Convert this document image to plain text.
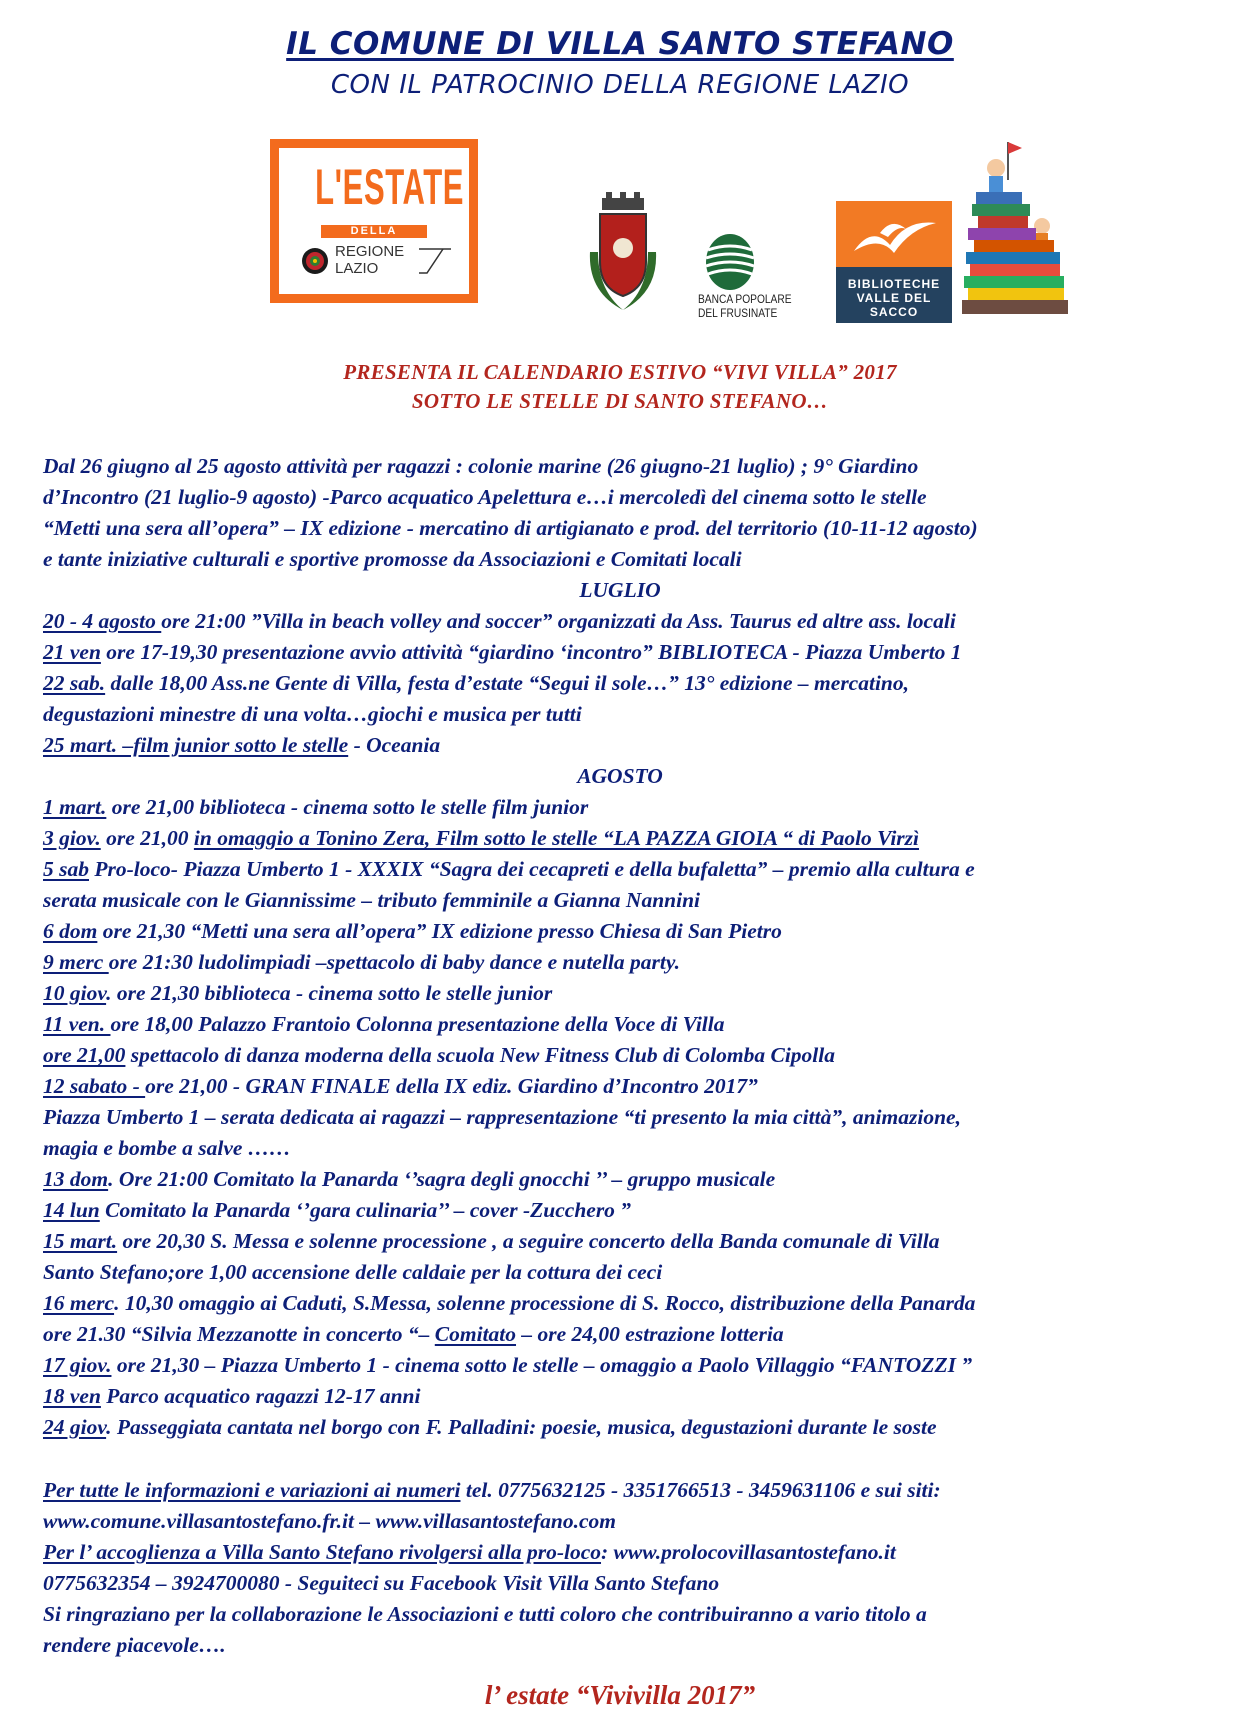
IL COMUNE DI VILLA SANTO STEFANO
CON IL PATROCINIO DELLA REGIONE LAZIO
L'ESTATE
DELLA
REGIONE
LAZIO
BANCA POPOLARE
DEL FRUSINATE
BIBLIOTECHE
VALLE DEL SACCO
PRESENTA IL CALENDARIO ESTIVO “VIVI VILLA” 2017
SOTTO LE STELLE DI SANTO STEFANO…
Dal 26 giugno al 25 agosto attività per ragazzi : colonie marine (26 giugno-21 luglio) ; 9° Giardino
d’Incontro (21 luglio-9 agosto) -Parco acquatico Apelettura e…i mercoledì del cinema sotto le stelle
“Metti una sera all’opera” – IX edizione - mercatino di artigianato e prod. del territorio (10-11-12 agosto)
e tante iniziative culturali e sportive promosse da Associazioni e Comitati locali
LUGLIO
20 - 4 agosto ore 21:00 ”Villa in beach volley and soccer” organizzati da Ass. Taurus ed altre ass. locali
21 ven ore 17-19,30 presentazione avvio attività “giardino ‘incontro” BIBLIOTECA - Piazza Umberto 1
22 sab. dalle 18,00 Ass.ne Gente di Villa, festa d’estate “Segui il sole…” 13° edizione – mercatino,
degustazioni minestre di una volta…giochi e musica per tutti
25 mart. –film junior sotto le stelle - Oceania
AGOSTO
1 mart. ore 21,00 biblioteca - cinema sotto le stelle film junior
3 giov. ore 21,00 in omaggio a Tonino Zera, Film sotto le stelle “LA PAZZA GIOIA “ di Paolo Virzì
5 sab Pro-loco- Piazza Umberto 1 - XXXIX “Sagra dei cecapreti e della bufaletta” – premio alla cultura e
serata musicale con le Giannissime – tributo femminile a Gianna Nannini
6 dom ore 21,30 “Metti una sera all’opera” IX edizione presso Chiesa di San Pietro
9 merc ore 21:30 ludolimpiadi –spettacolo di baby dance e nutella party.
10 giov. ore 21,30 biblioteca - cinema sotto le stelle junior
11 ven. ore 18,00 Palazzo Frantoio Colonna presentazione della Voce di Villa
ore 21,00 spettacolo di danza moderna della scuola New Fitness Club di Colomba Cipolla
12 sabato - ore 21,00 - GRAN FINALE della IX ediz. Giardino d’Incontro 2017”
Piazza Umberto 1 – serata dedicata ai ragazzi – rappresentazione “ti presento la mia città”, animazione,
magia e bombe a salve ……
13 dom. Ore 21:00 Comitato la Panarda ‘’sagra degli gnocchi ’’ – gruppo musicale
14 lun Comitato la Panarda ‘’gara culinaria’’ – cover -Zucchero ”
15 mart. ore 20,30 S. Messa e solenne processione , a seguire concerto della Banda comunale di Villa
Santo Stefano;ore 1,00 accensione delle caldaie per la cottura dei ceci
16 merc. 10,30 omaggio ai Caduti, S.Messa, solenne processione di S. Rocco, distribuzione della Panarda
ore 21.30 “Silvia Mezzanotte in concerto “– Comitato – ore 24,00 estrazione lotteria
17 giov. ore 21,30 – Piazza Umberto 1 - cinema sotto le stelle – omaggio a Paolo Villaggio “FANTOZZI ”
18 ven Parco acquatico ragazzi 12-17 anni
24 giov. Passeggiata cantata nel borgo con F. Palladini: poesie, musica, degustazioni durante le soste
Per tutte le informazioni e variazioni ai numeri tel. 0775632125 - 3351766513 - 3459631106 e sui siti:
www.comune.villasantostefano.fr.it – www.villasantostefano.com
Per l’ accoglienza a Villa Santo Stefano rivolgersi alla pro-loco: www.prolocovillasantostefano.it
0775632354 – 3924700080 - Seguiteci su Facebook Visit Villa Santo Stefano
Si ringraziano per la collaborazione le Associazioni e tutti coloro che contribuiranno a vario titolo a
rendere piacevole….
l’ estate “Vivivilla 2017”
